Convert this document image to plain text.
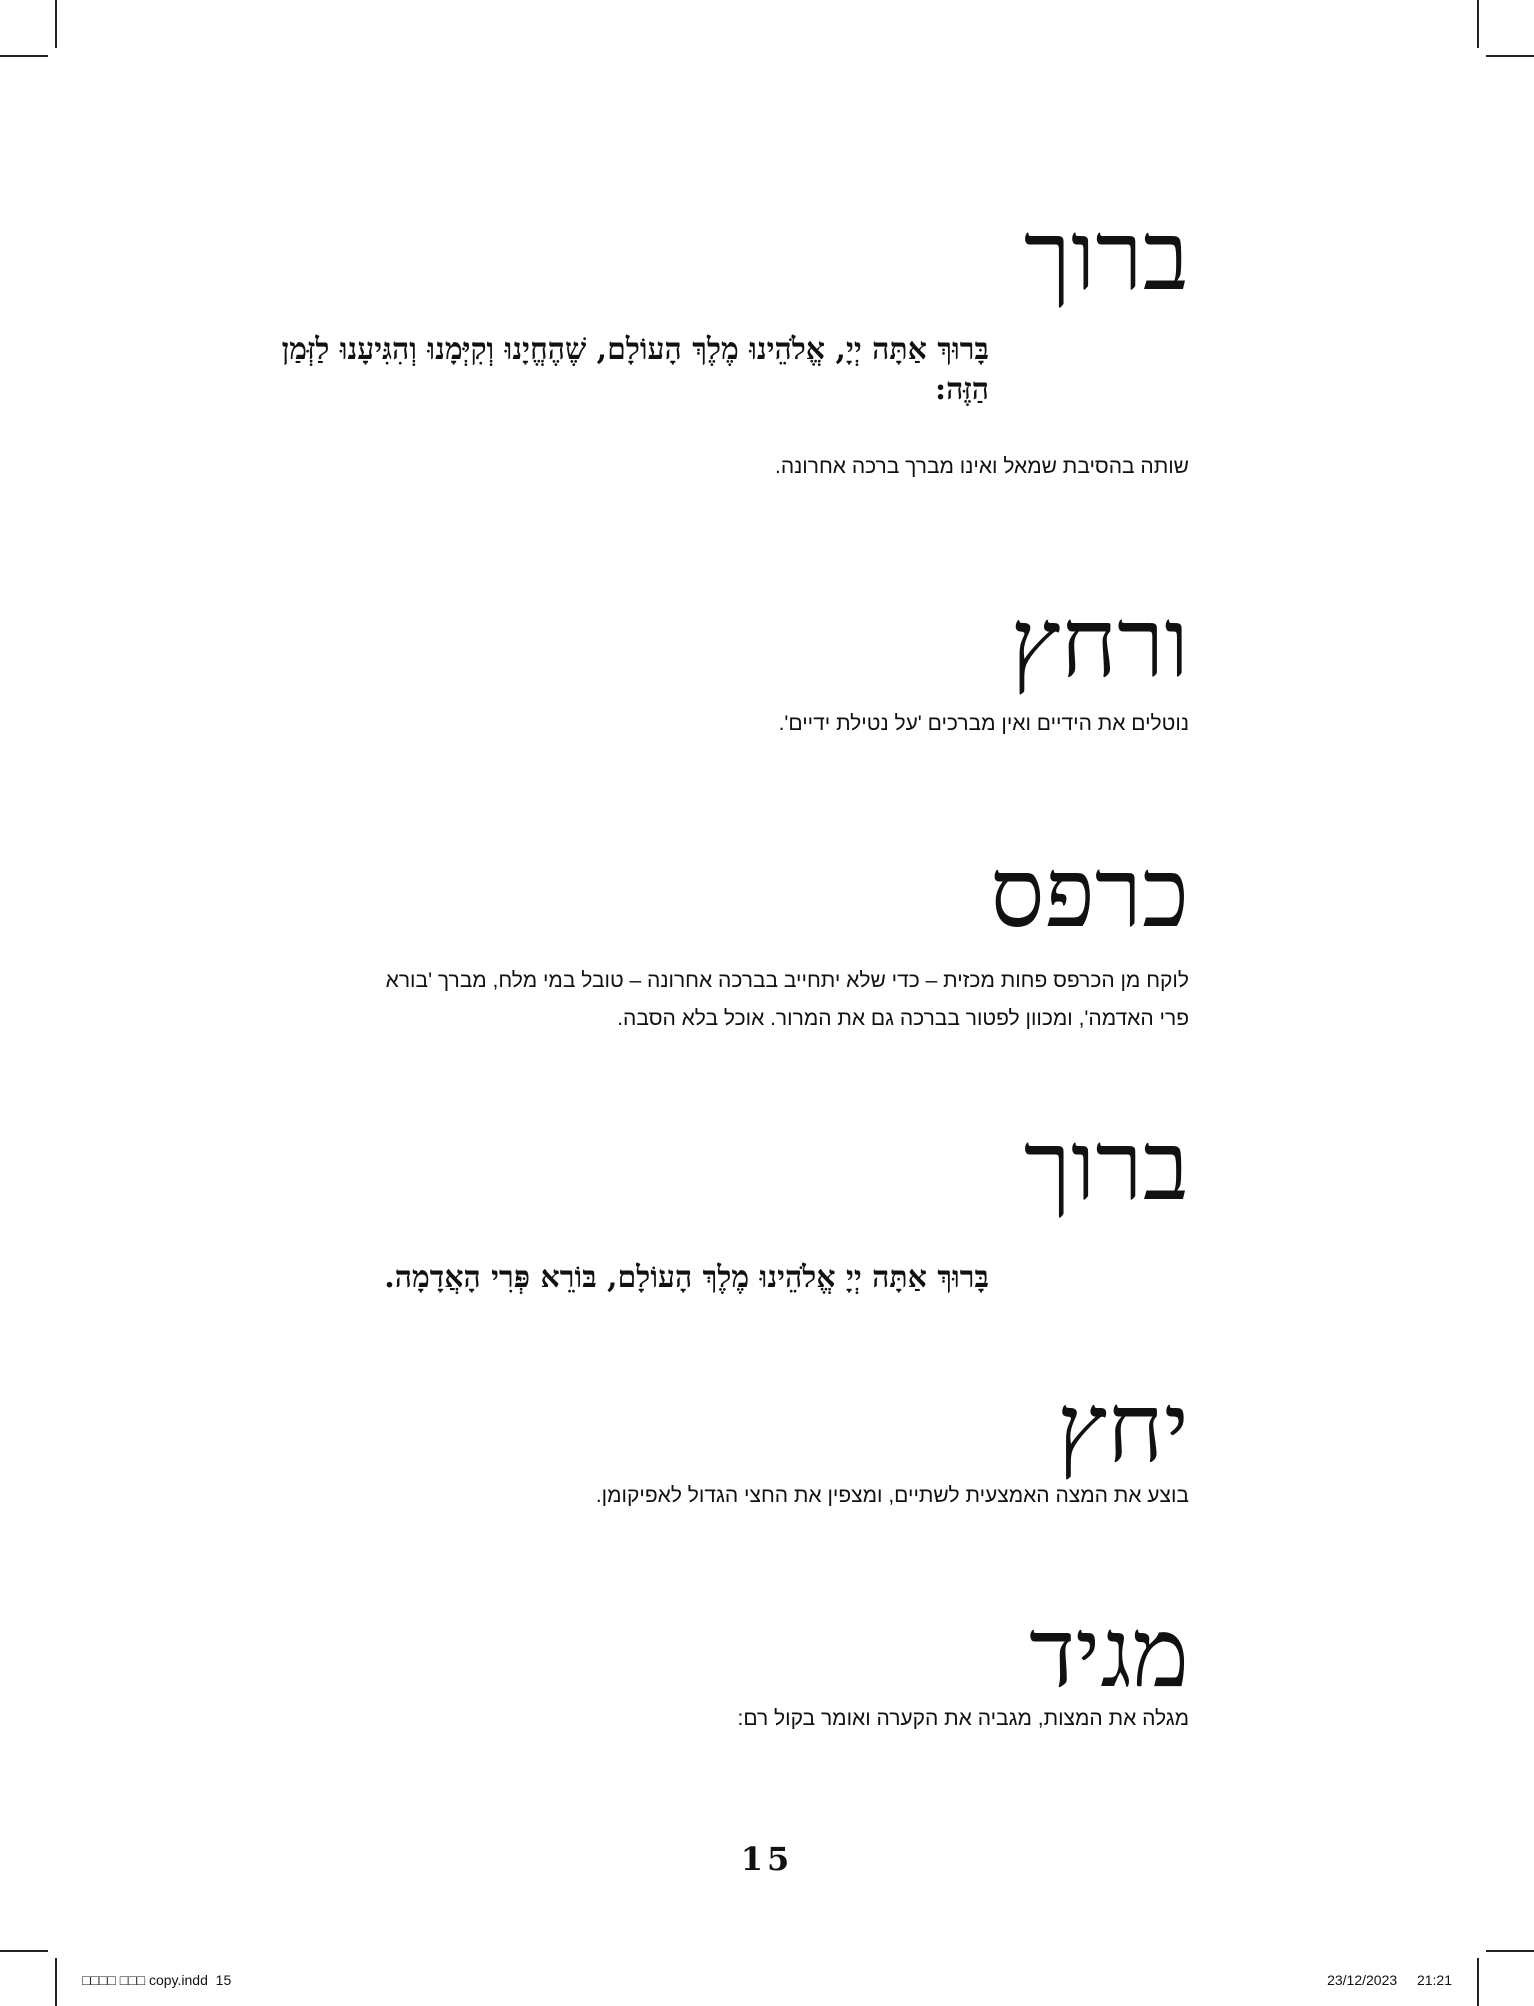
ברוך
בָּרוּךְ אַתָּה יְיָ, אֱלֹהֵינוּ מֶלֶךְ הָעוֹלָם, שֶׁהֶחֱיָנוּ וְקִיְּמָנוּ וְהִגִּיעָנוּ לַזְּמַן הַזֶּה:
שותה בהסיבת שמאל ואינו מברך ברכה אחרונה.
ורחץ
נוטלים את הידיים ואין מברכים 'על נטילת ידיים'.
כרפס
לוקח מן הכרפס פחות מכזית – כדי שלא יתחייב בברכה אחרונה – טובל במי מלח, מברך 'בורא פרי האדמה', ומכוון לפטור בברכה גם את המרור. אוכל בלא הסבה.
ברוך
בָּרוּךְ אַתָּה יְיָ אֱלֹהֵינוּ מֶלֶךְ הָעוֹלָם, בּוֹרֵא פְּרִי הָאֲדָמָה.
יחץ
בוצע את המצה האמצעית לשתיים, ומצפין את החצי הגדול לאפיקומן.
מגיד
מגלה את המצות, מגביה את הקערה ואומר בקול רם:
15
□□□□ □□□ copy.indd 15	23/12/2023 21:21
